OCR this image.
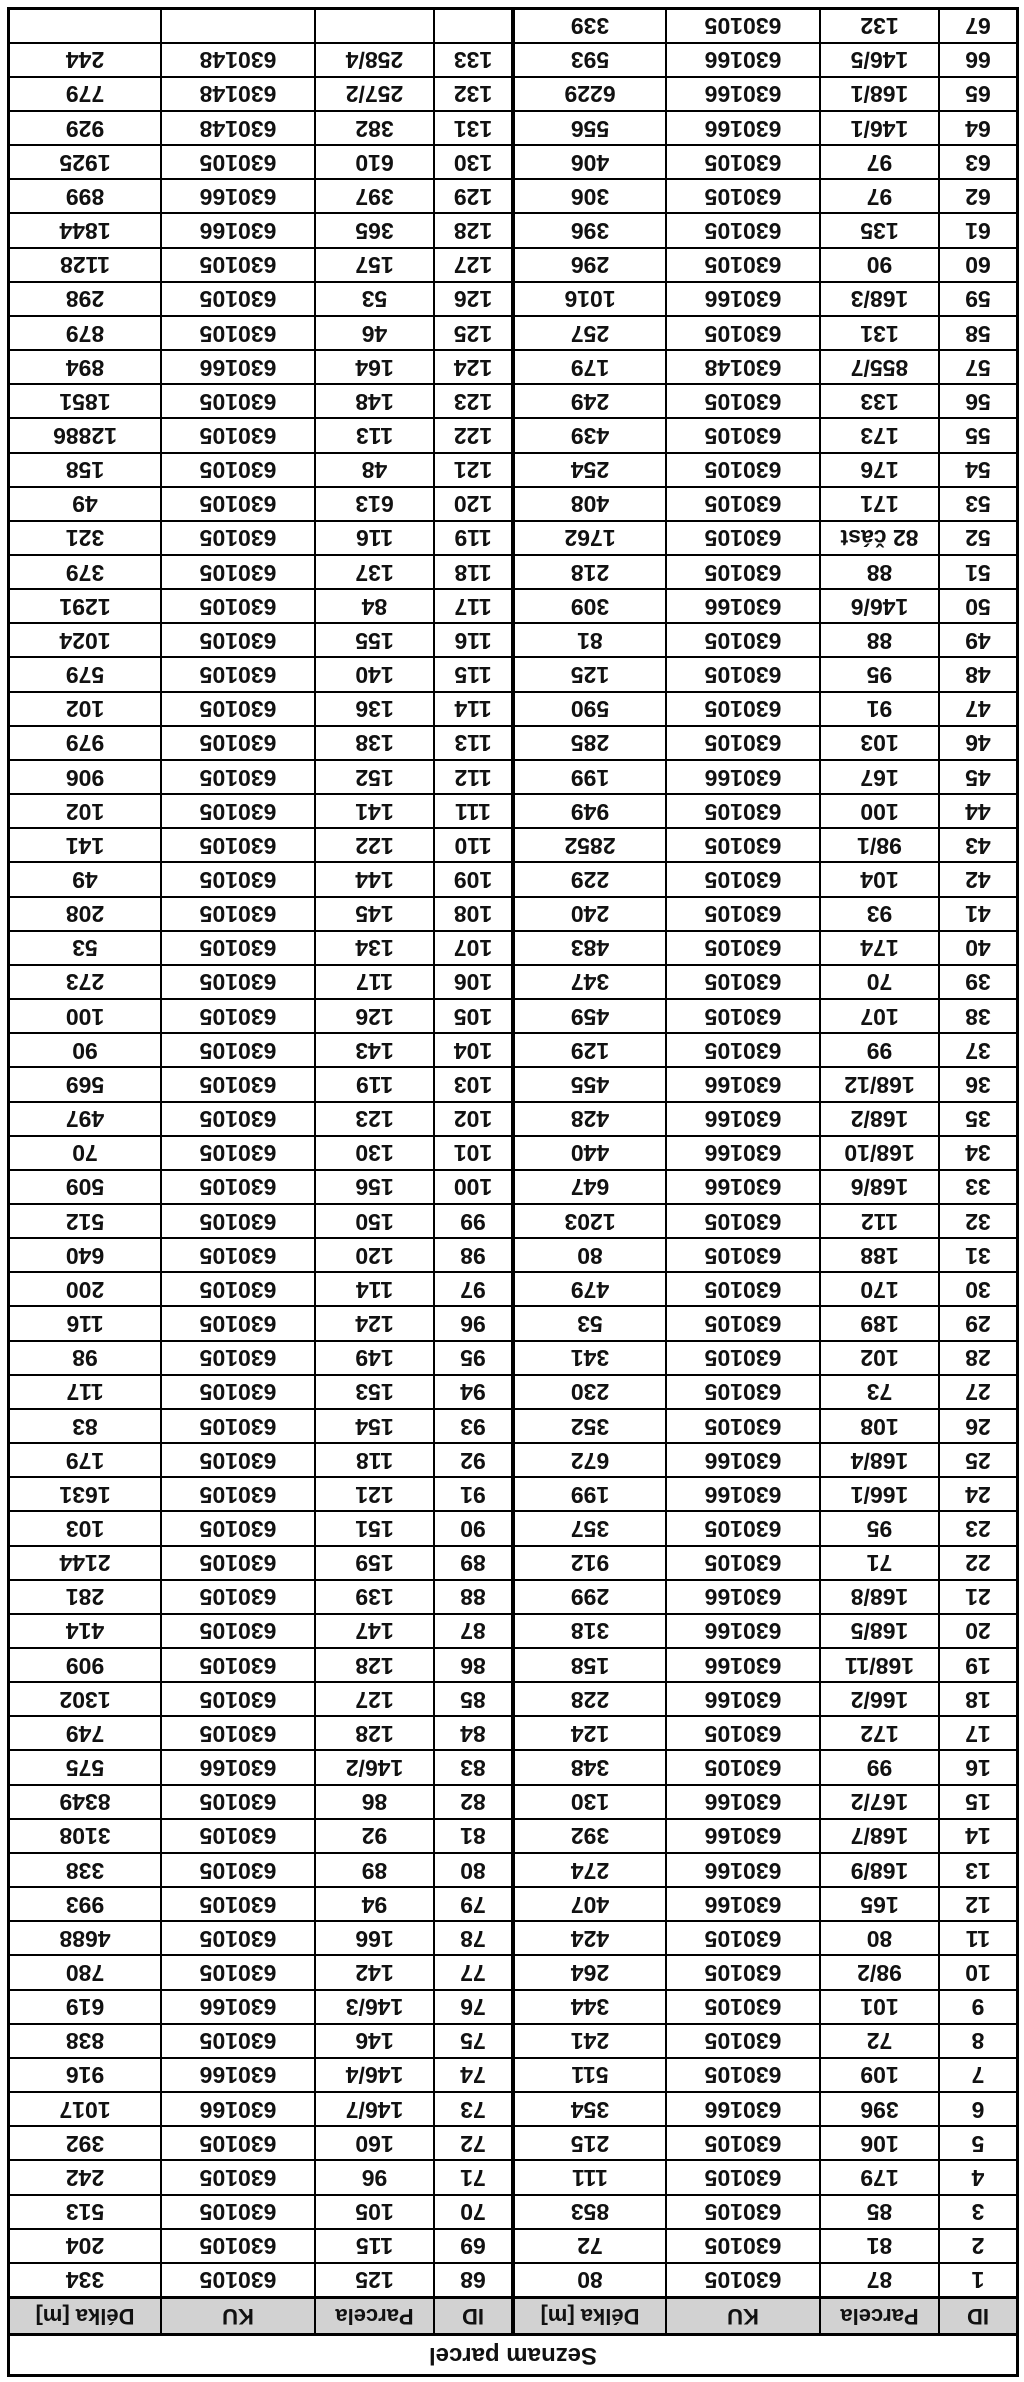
Seznam parcel
ID
Parcela
KU
Délka [m]
1
87
630105
80
2
81
630105
72
3
85
630105
853
4
179
630105
111
5
106
630105
215
6
396
630166
354
7
109
630105
511
8
72
630105
241
9
101
630105
344
10
98/2
630105
264
11
80
630105
424
12
165
630166
407
13
168/9
630166
274
14
168/7
630166
392
15
167/2
630166
130
16
99
630105
348
17
172
630105
124
18
166/2
630166
228
19
168/11
630166
158
20
168/5
630166
318
21
168/8
630166
299
22
71
630105
912
23
95
630105
357
24
166/1
630166
199
25
168/4
630166
672
26
108
630105
352
27
73
630105
230
28
102
630105
341
29
189
630105
53
30
170
630105
479
31
188
630105
80
32
112
630105
1203
33
168/6
630166
647
34
168/10
630166
440
35
168/2
630166
428
36
168/12
630166
455
37
99
630105
129
38
107
630105
459
39
70
630105
347
40
174
630105
483
41
93
630105
240
42
104
630105
229
43
98/1
630105
2852
44
100
630105
949
45
167
630166
199
46
103
630105
285
47
91
630105
590
48
95
630105
125
49
88
630105
81
50
146/6
630166
309
51
88
630105
218
52
82 část
630105
1762
53
171
630105
408
54
176
630105
254
55
173
630105
439
56
133
630105
249
57
855/7
630148
179
58
131
630105
257
59
168/3
630166
1016
60
90
630105
296
61
135
630105
396
62
97
630105
306
63
97
630105
406
64
146/1
630166
556
65
168/1
630166
6229
66
146/5
630166
593
67
132
630105
339
ID
Parcela
KU
Délka [m]
68
125
630105
334
69
115
630105
204
70
105
630105
513
71
96
630105
242
72
160
630105
392
73
146/7
630166
1017
74
146/4
630166
916
75
146
630105
838
76
146/3
630166
619
77
142
630105
780
78
166
630105
4688
79
94
630105
993
80
89
630105
338
81
92
630105
3108
82
86
630105
8349
83
146/2
630166
575
84
128
630105
749
85
127
630105
1302
86
128
630105
909
87
147
630105
414
88
139
630105
281
89
159
630105
2144
90
151
630105
103
91
121
630105
1631
92
118
630105
179
93
154
630105
83
94
153
630105
117
95
149
630105
98
96
124
630105
116
97
114
630105
200
98
120
630105
640
99
150
630105
512
100
156
630105
509
101
130
630105
70
102
123
630105
497
103
119
630105
569
104
143
630105
90
105
126
630105
100
106
117
630105
273
107
134
630105
53
108
145
630105
208
109
144
630105
49
110
122
630105
141
111
141
630105
102
112
152
630105
906
113
138
630105
979
114
136
630105
102
115
140
630105
579
116
155
630105
1024
117
84
630105
1291
118
137
630105
379
119
116
630105
321
120
613
630105
49
121
48
630105
158
122
113
630105
12886
123
148
630105
1851
124
164
630166
894
125
46
630105
879
126
53
630105
298
127
157
630105
1128
128
365
630166
1844
129
397
630166
899
130
610
630105
1925
131
382
630148
929
132
257/2
630148
779
133
258/4
630148
244
